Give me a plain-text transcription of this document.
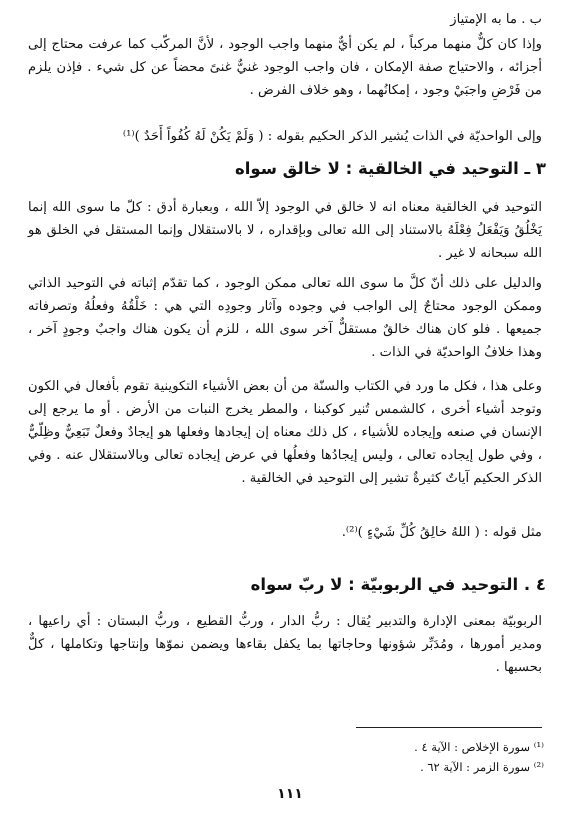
ب . ما به الإمتياز

وإذا كان كلٌّ منهما مركباً ، لم يكن أيٌّ منهما واجب الوجود ، لأنَّ المركّب كما عرفت محتاج إلى أجزائه ، والاحتياج صفة الإمكان ، فان واجب الوجود غنيٌّ غنىً محضاً عن كل شيء . فإذن يلزم من فَرْضِ واجبَيْ وجود ، إمكانُهما ، وهو خلاف الفرض .

وإلى الواحديّة في الذات يُشير الذكر الحكيم بقوله : ( وَلَمْ يَكُنْ لَهُ كُفُواً أَحَدٌ )⁽¹⁾

٣ ـ التوحيد في الخالقية : لا خالق سواه

التوحيد في الخالقية معناه انه لا خالق في الوجود إلاّ الله ، وبعبارة أدق : كلّ ما سوى الله إنما يَخْلُقُ وَيَفْعَلُ فِعْلَهُ بالاستناد إلى الله تعالى وبإقداره ، لا بالاستقلال وإنما المستقل في الخلق هو الله سبحانه لا غير .

والدليل على ذلك أنّ كلَّ ما سوى الله تعالى ممكن الوجود ، كما تقدّم إثباته في التوحيد الذاتي وممكن الوجود محتاجٌ إلى الواجب في وجوده وآثار وجودِه التي هي : خَلْقُهُ وفعلُهُ وتصرفاته جميعها . فلو كان هناك خالقٌ مستقلٌّ آخر سوى الله ، للزم أن يكون هناك واجبٌ وجودٍ آخر ، وهذا خلافُ الواحديّة في الذات .

وعلى هذا ، فكل ما ورد في الكتاب والسنّة من أن بعض الأشياء التكوينية تقوم بأفعال في الكون وتوجد أشياء أخرى ، كالشمس تُنير كوكبنا ، والمطر يخرج النبات من الأرض . أو ما يرجع إلى الإنسان في صنعه وإيجاده للأشياء ، كل ذلك معناه إن إيجادها وفعلها هو إيجادٌ وفعلٌ تَبَعِيٌّ وظِلّيٌّ ، وفي طول إيجاده تعالى ، وليس إيجادُها وفعلُها في عرض إيجاده تعالى وبالاستقلال عنه . وفي الذكر الحكيم آياتٌ كثيرةٌ تشير إلى التوحيد في الخالقية .

مثل قوله : ( اللهُ خالِقُ كُلِّ شَيْءٍ )⁽²⁾.

٤ . التوحيد في الربوبيّة : لا ربّ سواه

الربوبيّة بمعنى الإدارة والتدبير يُقال : ربُّ الدار ، وربُّ القطيع ، وربُّ البستان : أي راعيها ، ومدير أمورها ، ومُدَبِّر شؤونها وحاجاتها بما يكفل بقاءها ويضمن نموّها وإنتاجها وتكاملها ، كلٌّ بحسبها .

⁽¹⁾ سورة الإخلاص : الآية ٤ .

⁽²⁾ سورة الزمر : الآية ٦٢ .

١١١
